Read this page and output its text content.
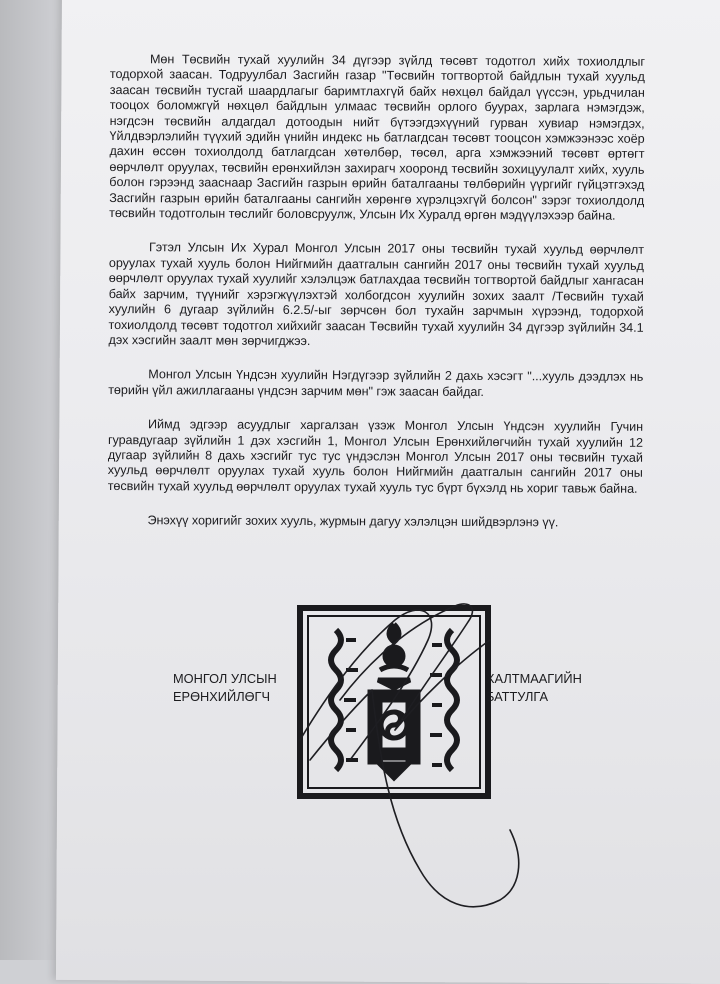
Мөн Төсвийн тухай хуулийн 34 дүгээр зүйлд төсөвт тодотгол хийх тохиолдлыг тодорхой заасан. Тодруулбал Засгийн газар "Төсвийн тогтвортой байдлын тухай хуульд заасан төсвийн тусгай шаардлагыг баримтлахгүй байх нөхцөл байдал үүссэн, урьдчилан тооцох боломжгүй нөхцөл байдлын улмаас төсвийн орлого буурах, зарлага нэмэгдэж, нэгдсэн төсвийн алдагдал дотоодын нийт бүтээгдэхүүний гурван хувиар нэмэгдэх, Үйлдвэрлэлийн түүхий эдийн үнийн индекс нь батлагдсан төсөвт тооцсон хэмжээнээс хоёр дахин өссөн тохиолдолд батлагдсан хөтөлбөр, төсөл, арга хэмжээний төсөвт өртөгт өөрчлөлт оруулах, төсвийн ерөнхийлэн захирагч хооронд төсвийн зохицуулалт хийх, хууль болон гэрээнд зааснаар Засгийн газрын өрийн баталгааны төлбөрийн үүргийг гүйцэтгэхэд Засгийн газрын өрийн баталгааны сангийн хөрөнгө хүрэлцэхгүй болсон" зэрэг тохиолдолд төсвийн тодотголын төслийг боловсруулж, Улсын Их Хуралд өргөн мэдүүлэхээр байна.

Гэтэл Улсын Их Хурал Монгол Улсын 2017 оны төсвийн тухай хуульд өөрчлөлт оруулах тухай хууль болон Нийгмийн даатгалын сангийн 2017 оны төсвийн тухай хуульд өөрчлөлт оруулах тухай хуулийг хэлэлцэж батлахдаа төсвийн тогтвортой байдлыг хангасан байх зарчим, түүнийг хэрэгжүүлэхтэй холбогдсон хуулийн зохих заалт /Төсвийн тухай хуулийн 6 дугаар зүйлийн 6.2.5/-ыг зөрчсөн бол тухайн зарчмын хүрээнд, тодорхой тохиолдолд төсөвт тодотгол хийхийг заасан Төсвийн тухай хуулийн 34 дүгээр зүйлийн 34.1 дэх хэсгийн заалт мөн зөрчигджээ.

Монгол Улсын Үндсэн хуулийн Нэгдүгээр зүйлийн 2 дахь хэсэгт "...хууль дээдлэх нь төрийн үйл ажиллагааны үндсэн зарчим мөн" гэж заасан байдаг.

Иймд эдгээр асуудлыг харгалзан үзэж Монгол Улсын Үндсэн хуулийн Гучин гуравдугаар зүйлийн 1 дэх хэсгийн 1, Монгол Улсын Ерөнхийлөгчийн тухай хуулийн 12 дугаар зүйлийн 8 дахь хэсгийг тус тус үндэслэн Монгол Улсын 2017 оны төсвийн тухай хуульд өөрчлөлт оруулах тухай хууль болон Нийгмийн даатгалын сангийн 2017 оны төсвийн тухай хуульд өөрчлөлт оруулах тухай хууль тус бүрт бүхэлд нь хориг тавьж байна.

Энэхүү хоригийг зохих хууль, журмын дагуу хэлэлцэн шийдвэрлэнэ үү.

МОНГОЛ УЛСЫН
ЕРӨНХИЙЛӨГЧ
ХАЛТМААГИЙН
БАТТУЛГА
